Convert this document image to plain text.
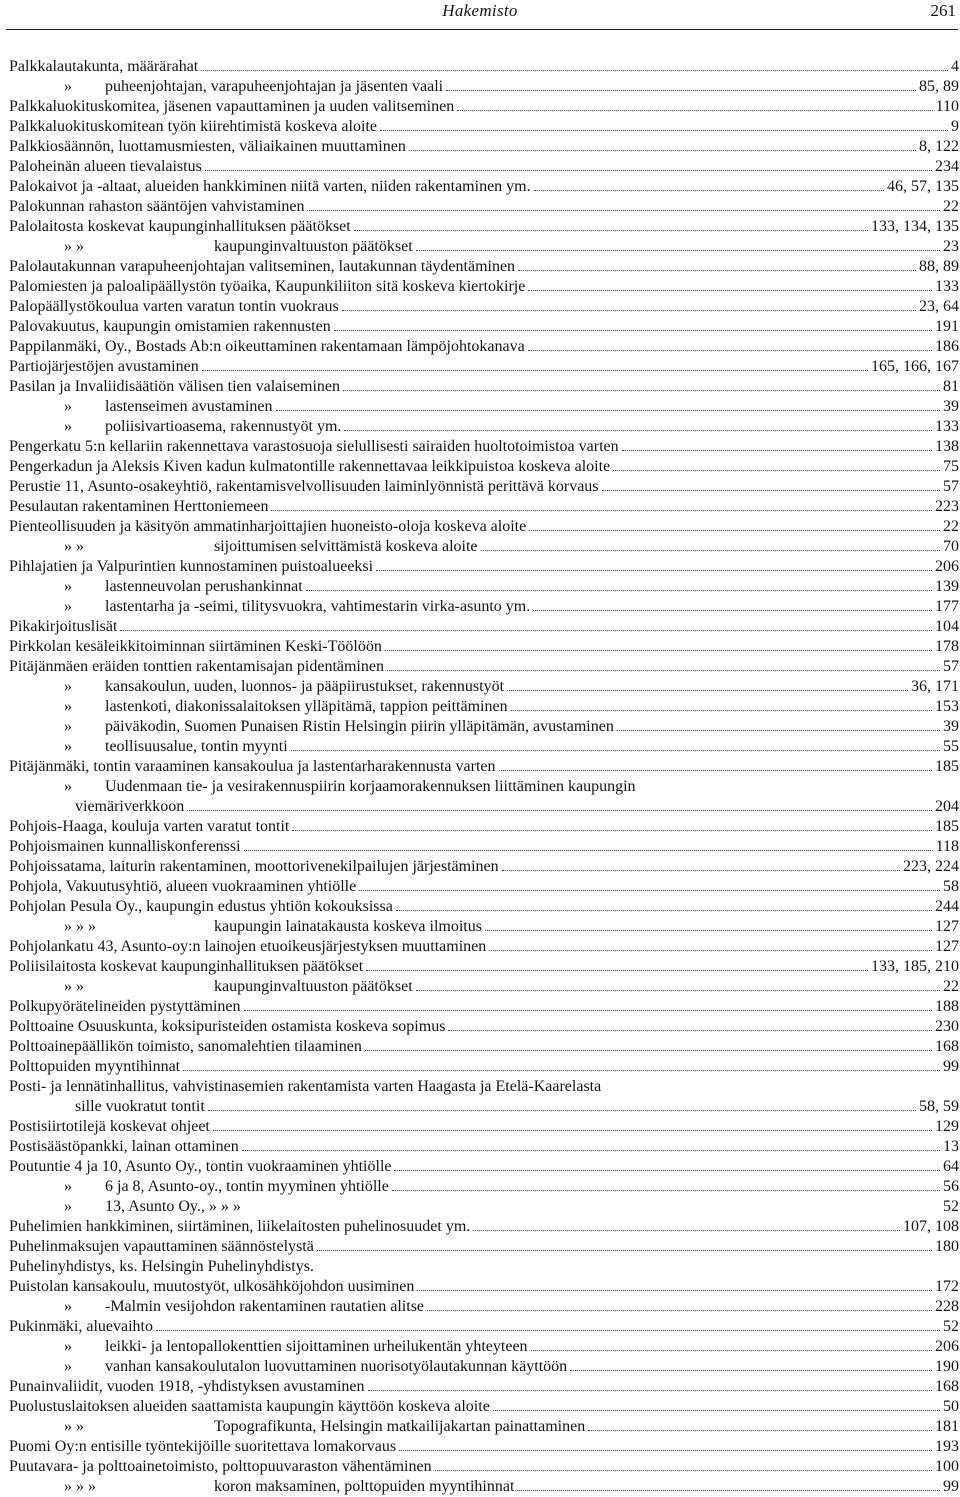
Hakemisto	261
Palkkalautakunta, määrärahat	4
»	puheenjohtajan, varapuheenjohtajan ja jäsenten vaali	85, 89
Palkkaluokituskomitea, jäsenen vapauttaminen ja uuden valitseminen	110
Palkkaluokituskomitean työn kiirehtimistä koskeva aloite	9
Palkkiosäännön, luottamusmiesten, väliaikainen muuttaminen	8, 122
Paloheinän alueen tievalaistus	234
Palokaivot ja -altaat, alueiden hankkiminen niitä varten, niiden rakentaminen ym.	46, 57, 135
Palokunnan rahaston sääntöjen vahvistaminen	22
Palolaitosta koskevat kaupunginhallituksen päätökset	133, 134, 135
» »	kaupunginvaltuuston päätökset	23
Palolautakunnan varapuheenjohtajan valitseminen, lautakunnan täydentäminen	88, 89
Palomiesten ja paloalipäällystön työaika, Kaupunkiliiton sitä koskeva kiertokirje	133
Palopäällystökoulua varten varatun tontin vuokraus	23, 64
Palovakuutus, kaupungin omistamien rakennusten	191
Pappilanmäki, Oy., Bostads Ab:n oikeuttaminen rakentamaan lämpöjohtokanava	186
Partiojärjestöjen avustaminen	165, 166, 167
Pasilan ja Invaliidisäätiön välisen tien valaiseminen	81
»	lastenseimen avustaminen	39
»	poliisivartioasema, rakennustyöt ym.	133
Pengerkatu 5:n kellariin rakennettava varastosuoja sielullisesti sairaiden huoltotoimistoa varten	138
Pengerkadun ja Aleksis Kiven kadun kulmatontille rakennettavaa leikkipuistoa koskeva aloite	75
Perustie 11, Asunto-osakeyhtiö, rakentamisvelvollisuuden laiminlyönnistä perittävä korvaus	57
Pesulautan rakentaminen Herttoniemeen	223
Pienteollisuuden ja käsityön ammatinharjoittajien huoneisto-oloja koskeva aloite	22
» »	sijoittumisen selvittämistä koskeva aloite	70
Pihlajatien ja Valpurintien kunnostaminen puistoalueeksi	206
»	lastenneuvolan perushankinnat	139
»	lastentarha ja -seimi, tilitysvuokra, vahtimestarin virka-asunto ym.	177
Pikakirjoituslisät	104
Pirkkolan kesäleikkitoiminnan siirtäminen Keski-Töölöön	178
Pitäjänmäen eräiden tonttien rakentamisajan pidentäminen	57
»	kansakoulun, uuden, luonnos- ja pääpiirustukset, rakennustyöt	36, 171
»	lastenkoti, diakonissalaitoksen ylläpitämä, tappion peittäminen	153
»	päiväkodin, Suomen Punaisen Ristin Helsingin piirin ylläpitämän, avustaminen	39
»	teollisuusalue, tontin myynti	55
Pitäjänmäki, tontin varaaminen kansakoulua ja lastentarharakennusta varten	185
»	Uudenmaan tie- ja vesirakennuspiirin korjaamorakennuksen liittäminen kaupungin
viemäriverkkoon	204
Pohjois-Haaga, kouluja varten varatut tontit	185
Pohjoismainen kunnalliskonferenssi	118
Pohjoissatama, laiturin rakentaminen, moottorivenekilpailujen järjestäminen	223, 224
Pohjola, Vakuutusyhtiö, alueen vuokraaminen yhtiölle	58
Pohjolan Pesula Oy., kaupungin edustus yhtiön kokouksissa	244
» » »	kaupungin lainatakausta koskeva ilmoitus	127
Pohjolankatu 43, Asunto-oy:n lainojen etuoikeusjärjestyksen muuttaminen	127
Poliisilaitosta koskevat kaupunginhallituksen päätökset	133, 185, 210
» »	kaupunginvaltuuston päätökset	22
Polkupyörätelineiden pystyttäminen	188
Polttoaine Osuuskunta, koksipuristeiden ostamista koskeva sopimus	230
Polttoainepäällikön toimisto, sanomalehtien tilaaminen	168
Polttopuiden myyntihinnat	99
Posti- ja lennätinhallitus, vahvistinasemien rakentamista varten Haagasta ja Etelä-Kaarelasta
sille vuokratut tontit	58, 59
Postisiirtotilejä koskevat ohjeet	129
Postisäästöpankki, lainan ottaminen	13
Poutuntie 4 ja 10, Asunto Oy., tontin vuokraaminen yhtiölle	64
»	6 ja 8, Asunto-oy., tontin myyminen yhtiölle	56
»	13, Asunto Oy., » » »	52
Puhelimien hankkiminen, siirtäminen, liikelaitosten puhelinosuudet ym.	107, 108
Puhelinmaksujen vapauttaminen säännöstelystä	180
Puhelinyhdistys, ks. Helsingin Puhelinyhdistys.
Puistolan kansakoulu, muutostyöt, ulkosähköjohdon uusiminen	172
»	-Malmin vesijohdon rakentaminen rautatien alitse	228
Pukinmäki, aluevaihto	52
»	leikki- ja lentopallokenttien sijoittaminen urheilukentän yhteyteen	206
»	vanhan kansakoulutalon luovuttaminen nuorisotyölautakunnan käyttöön	190
Punainvaliidit, vuoden 1918, -yhdistyksen avustaminen	168
Puolustuslaitoksen alueiden saattamista kaupungin käyttöön koskeva aloite	50
» »	Topografikunta, Helsingin matkailijakartan painattaminen	181
Puomi Oy:n entisille työntekijöille suoritettava lomakorvaus	193
Puutavara- ja polttoainetoimisto, polttopuuvaraston vähentäminen	100
» » »	koron maksaminen, polttopuiden myyntihinnat	99
